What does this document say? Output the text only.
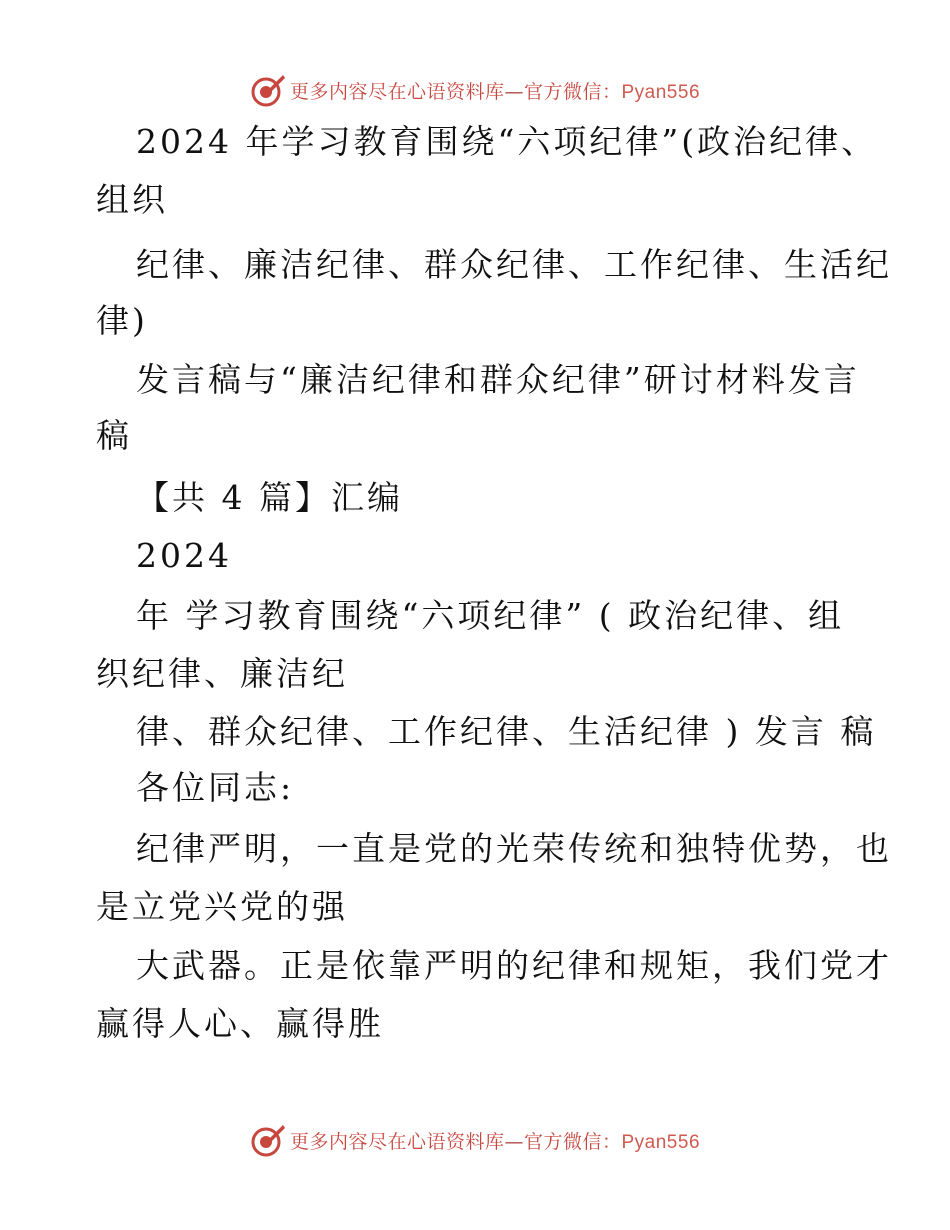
更多内容尽在心语资料库—官方微信：Pyan556
2024 年学习教育围绕“六项纪律”(政治纪律、
组织
纪律、廉洁纪律、群众纪律、工作纪律、生活纪
律)
发言稿与“廉洁纪律和群众纪律”研讨材料发言
稿
【共 4 篇】汇编
2024
年 学习教育围绕“六项纪律” ( 政治纪律、组
织纪律、廉洁纪
律、群众纪律、工作纪律、生活纪律 ) 发言 稿
各位同志:
纪律严明，一直是党的光荣传统和独特优势，也
是立党兴党的强
大武器。正是依靠严明的纪律和规矩，我们党才
赢得人心、赢得胜
更多内容尽在心语资料库—官方微信：Pyan556
